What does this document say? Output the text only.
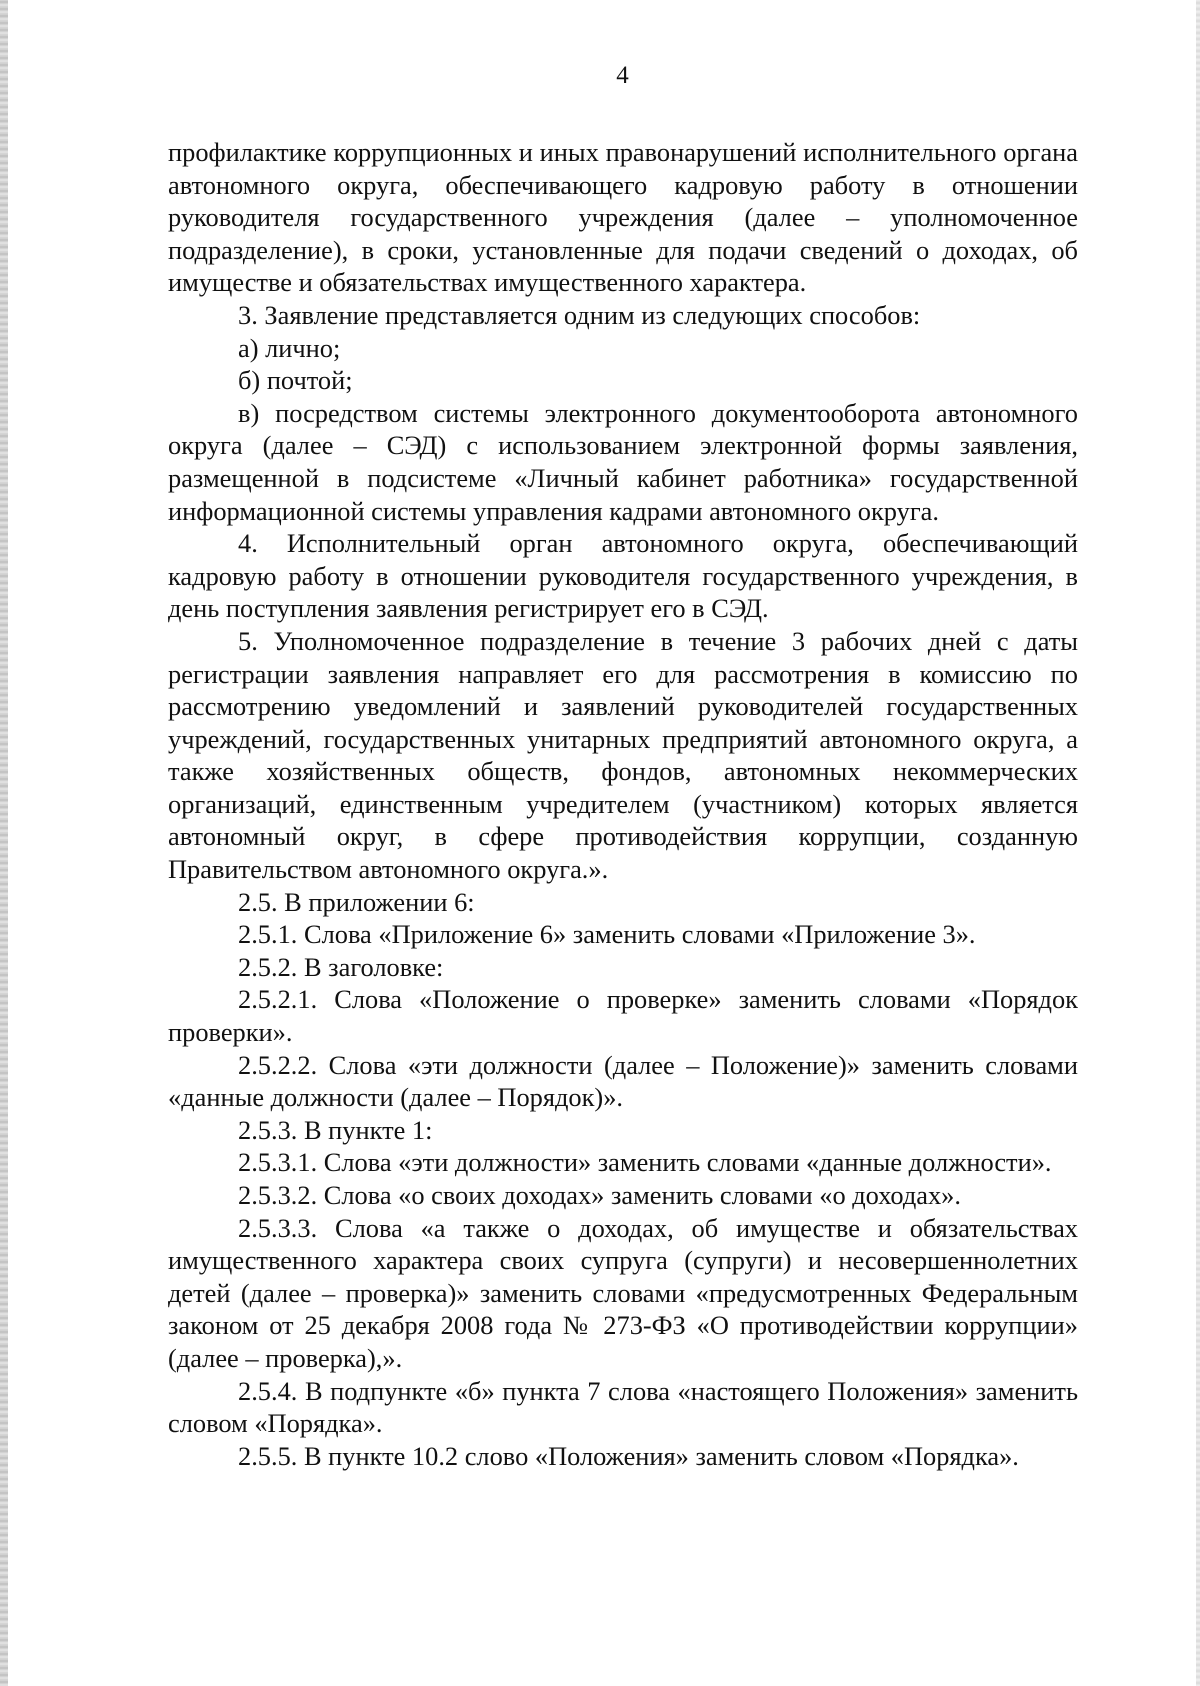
4

профилактике коррупционных и иных правонарушений исполнительного органа автономного округа, обеспечивающего кадровую работу в отношении руководителя государственного учреждения (далее – уполномоченное подразделение), в сроки, установленные для подачи сведений о доходах, об имуществе и обязательствах имущественного характера.

3. Заявление представляется одним из следующих способов:

а) лично;

б) почтой;

в) посредством системы электронного документооборота автономного округа (далее – СЭД) с использованием электронной формы заявления, размещенной в подсистеме «Личный кабинет работника» государственной информационной системы управления кадрами автономного округа.

4. Исполнительный орган автономного округа, обеспечивающий кадровую работу в отношении руководителя государственного учреждения, в день поступления заявления регистрирует его в СЭД.

5. Уполномоченное подразделение в течение 3 рабочих дней с даты регистрации заявления направляет его для рассмотрения в комиссию по рассмотрению уведомлений и заявлений руководителей государственных учреждений, государственных унитарных предприятий автономного округа, а также хозяйственных обществ, фондов, автономных некоммерческих организаций, единственным учредителем (участником) которых является автономный округ, в сфере противодействия коррупции, созданную Правительством автономного округа.».

2.5. В приложении 6:

2.5.1. Слова «Приложение 6» заменить словами «Приложение 3».

2.5.2. В заголовке:

2.5.2.1. Слова «Положение о проверке» заменить словами «Порядок проверки».

2.5.2.2. Слова «эти должности (далее – Положение)» заменить словами «данные должности (далее – Порядок)».

2.5.3. В пункте 1:

2.5.3.1. Слова «эти должности» заменить словами «данные должности».

2.5.3.2. Слова «о своих доходах» заменить словами «о доходах».

2.5.3.3. Слова «а также о доходах, об имуществе и обязательствах имущественного характера своих супруга (супруги) и несовершеннолетних детей (далее – проверка)» заменить словами «предусмотренных Федеральным законом от 25 декабря 2008 года № 273-ФЗ «О противодействии коррупции» (далее – проверка),».

2.5.4. В подпункте «б» пункта 7 слова «настоящего Положения» заменить словом «Порядка».

2.5.5. В пункте 10.2 слово «Положения» заменить словом «Порядка».
